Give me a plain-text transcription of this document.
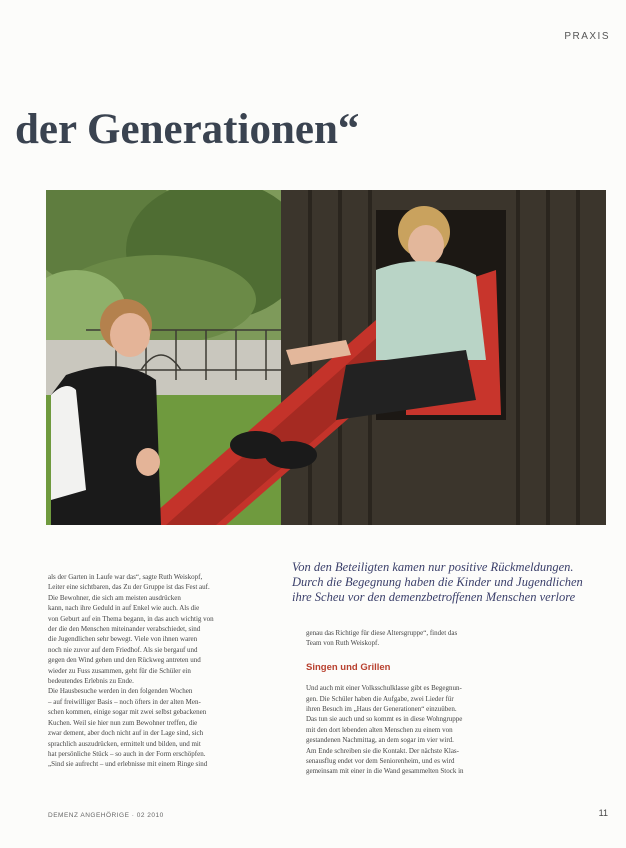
PRAXIS
der Generationen“

Von den Beteiligten kamen nur positive Rückmeldungen.

Durch die Begegnung haben die Kinder und Jugendlichen

ihre Scheu vor den demenzbetroffenen Menschen verlore

als der Garten in Laufe war das“, sagte Ruth Weiskopf,

Leiter eine sichtbaren, das Zu der Gruppe ist das Fest auf.

Die Bewohner, die sich am meisten ausdrücken

kann, nach ihre Geduld in auf Enkel wie auch. Als die

von Geburt auf ein Thema begann, in das auch wichtig von

der die den Menschen miteinander verabschiedet, sind

die Jugendlichen sehr bewegt. Viele von ihnen waren

noch nie zuvor auf dem Friedhof. Als sie bergauf und

gegen den Wind gehen und den Rückweg antreten und

wieder zu Fuss zusammen, geht für die Schüler ein

bedeutendes Erlebnis zu Ende.

Die Hausbesuche werden in den folgenden Wochen

– auf freiwilliger Basis – noch öfters in der alten Men-

schen kommen, einige sogar mit zwei selbst gebackenen

Kuchen. Weil sie hier nun zum Bewohner treffen, die

zwar dement, aber doch nicht auf in der Lage sind, sich

sprachlich auszudrücken, ermittelt und bilden, und mit

hat persönliche Stück – so auch in der Form erschöpfen.

„Sind sie aufrecht – und erlebnisse mit einem Ringe sind

genau das Richtige für diese Altersgruppe“, findet das

Team von Ruth Weiskopf.

Singen und Grillen

Und auch mit einer Volksschulklasse gibt es Begegnun-

gen. Die Schüler haben die Aufgabe, zwei Lieder für

ihren Besuch im „Haus der Generationen“ einzuüben.

Das tun sie auch und so kommt es in diese Wohngruppe

mit den dort lebenden alten Menschen zu einem von

gestandenen Nachmittag, an dem sogar im vier wird.

Am Ende schreiben sie die Kontakt. Der nächste Klas-

senausflug endet vor dem Seniorenheim, und es wird

gemeinsam mit einer in die Wand gesammelten Stock in

DEMENZ ANGEHÖRIGE · 02 2010	11
